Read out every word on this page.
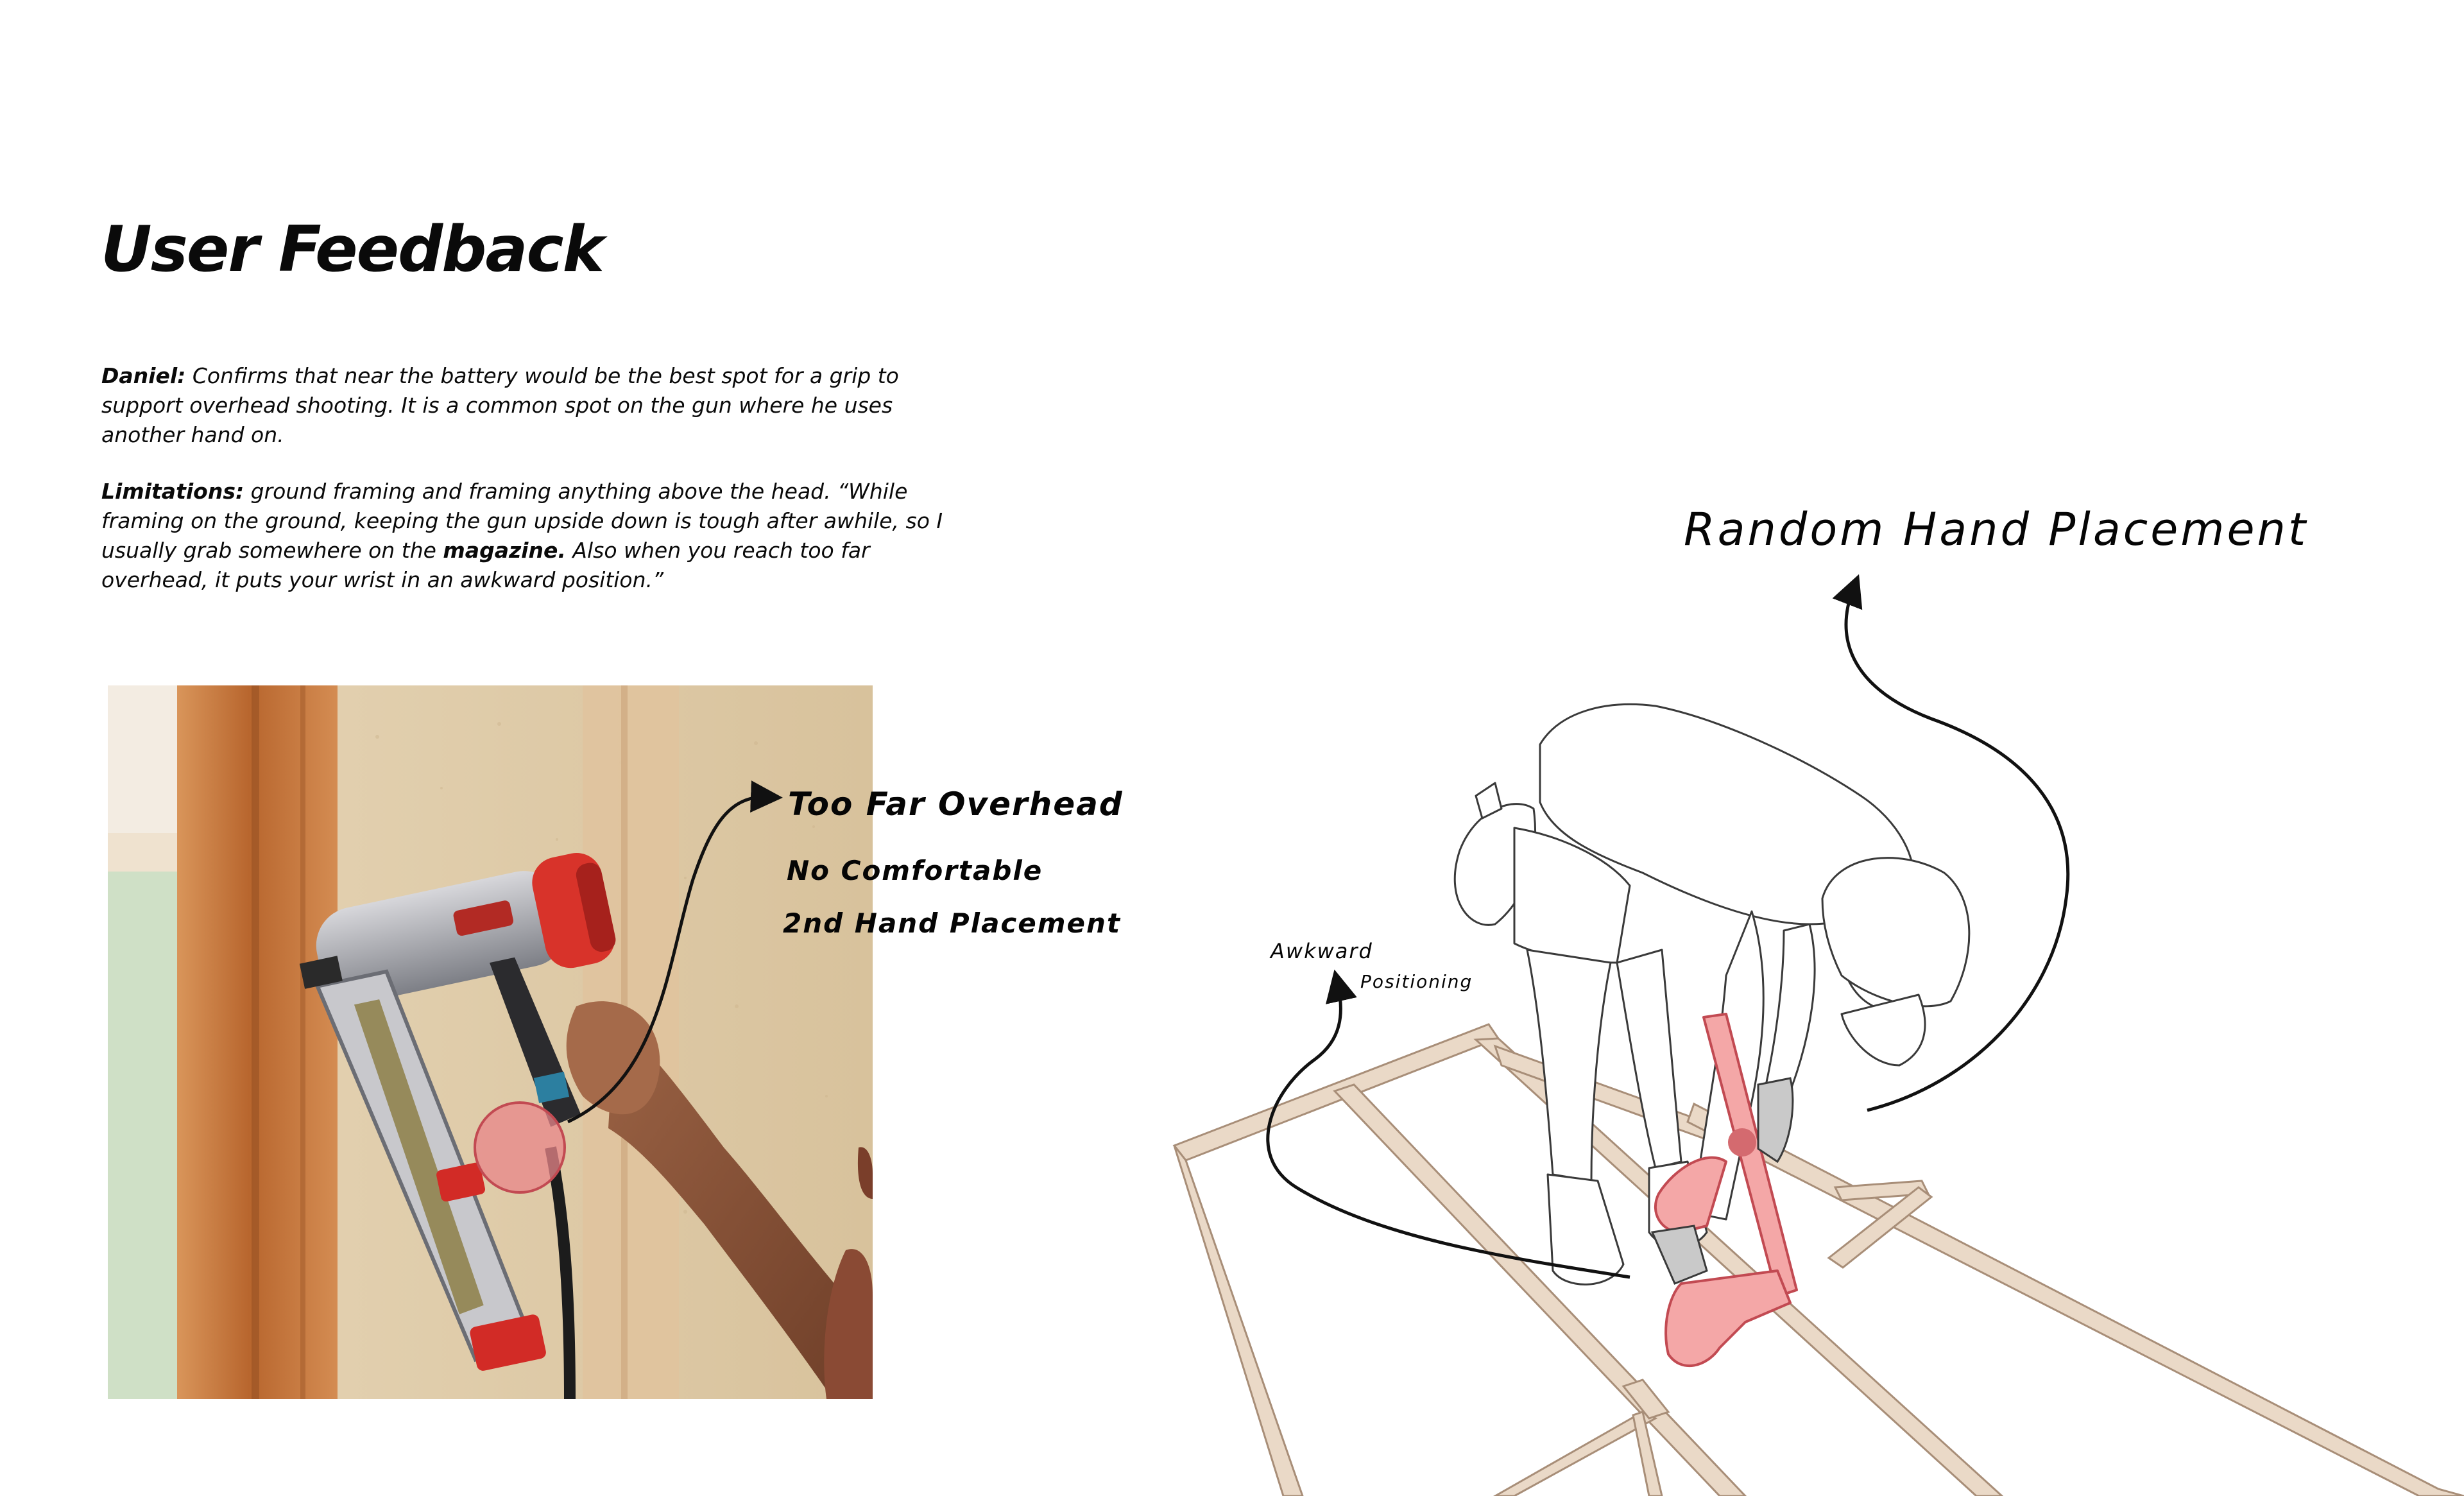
User Feedback

Daniel: Confirms that near the battery would be the best spot for a grip to support overhead shooting. It is a common spot on the gun where he uses another hand on.

Limitations: ground framing and framing anything above the head. “While framing on the ground, keeping the gun upside down is tough after awhile, so I usually grab somewhere on the magazine. Also when you reach too far overhead, it puts your wrist in an awkward position.”

Too Far Overhead

No Comfortable

2nd Hand Placement

Random Hand Placement

Awkward

Positioning
